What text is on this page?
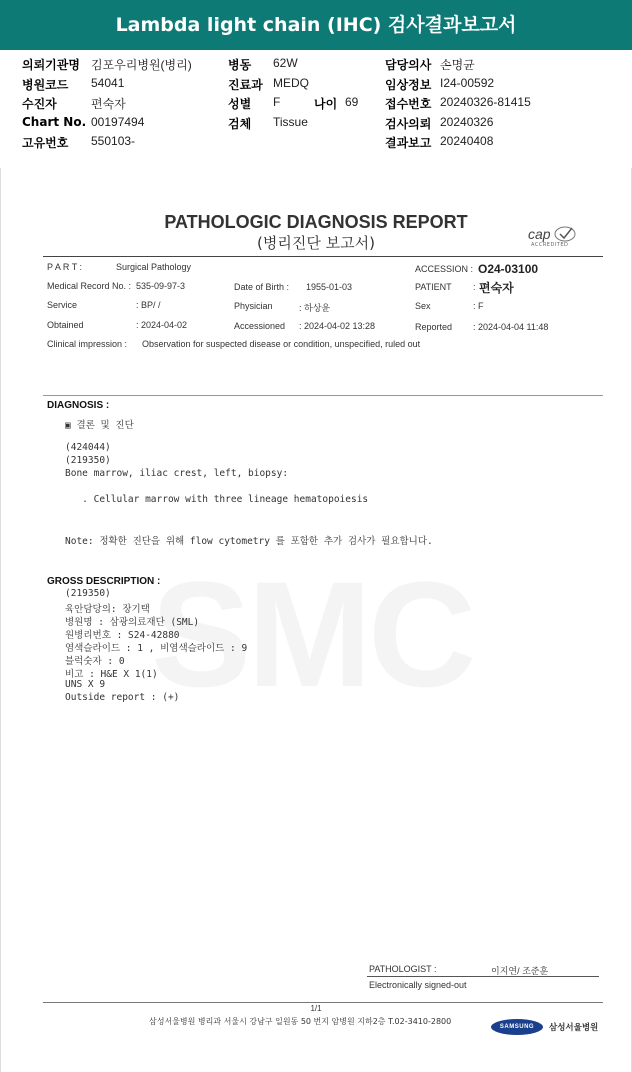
Lambda light chain (IHC) 검사결과보고서
의뢰기관명 김포우리병원(병리)	병동 62W	담당의사 손명균
병원코드 54041	진료과 MEDQ	임상정보 I24-00592
수진자	편숙자	성별 F	나이 69 접수번호 20240326-81415
Chart No. 00197494	검체 Tissue	검사의뢰 20240326
고유번호 550103-	결과보고 20240408
PATHOLOGIC DIAGNOSIS REPORT
(병리진단 보고서)	cap
ACCREDITED
P A R T :	Surgical Pathology	ACCESSION : O24-03100
Medical Record No. : 535-09-97-3	Date of Birth : 1955-01-03	PATIENT : 편숙자
Service	: BP/ /	Physician	: 하상윤	Sex	: F
Obtained	: 2024-04-02	Accessioned : 2024-04-02 13:28	Reported : 2024-04-04 11:48
Clinical impression : Observation for suspected disease or condition, unspecified, ruled out
DIAGNOSIS :
▣ 결론 및 진단
(424044)
(219350)
Bone marrow, iliac crest, left, biopsy:
. Cellular marrow with three lineage hematopoiesis
Note: 정확한 진단을 위해 flow cytometry 를 포함한 추가 검사가 필요합니다.
GROSS DESCRIPTION :
(219350)
육안담당의: 장기택
병원명 : 삼광의료재단 (SML)
원병리번호 : S24-42880
염색슬라이드 : 1 , 비염색슬라이드 : 9
블럭숫자 : 0
비고 : H&E X 1(1)
UNS X 9
Outside report : (+)
PATHOLOGIST :	이지연/ 조준훈
Electronically signed-out
1/1
삼성서울병원 병리과 서울시 강남구 일원동 50 번지 암병원 지하2층 T.02-3410-2800
SAMSUNG	삼성서울병원
